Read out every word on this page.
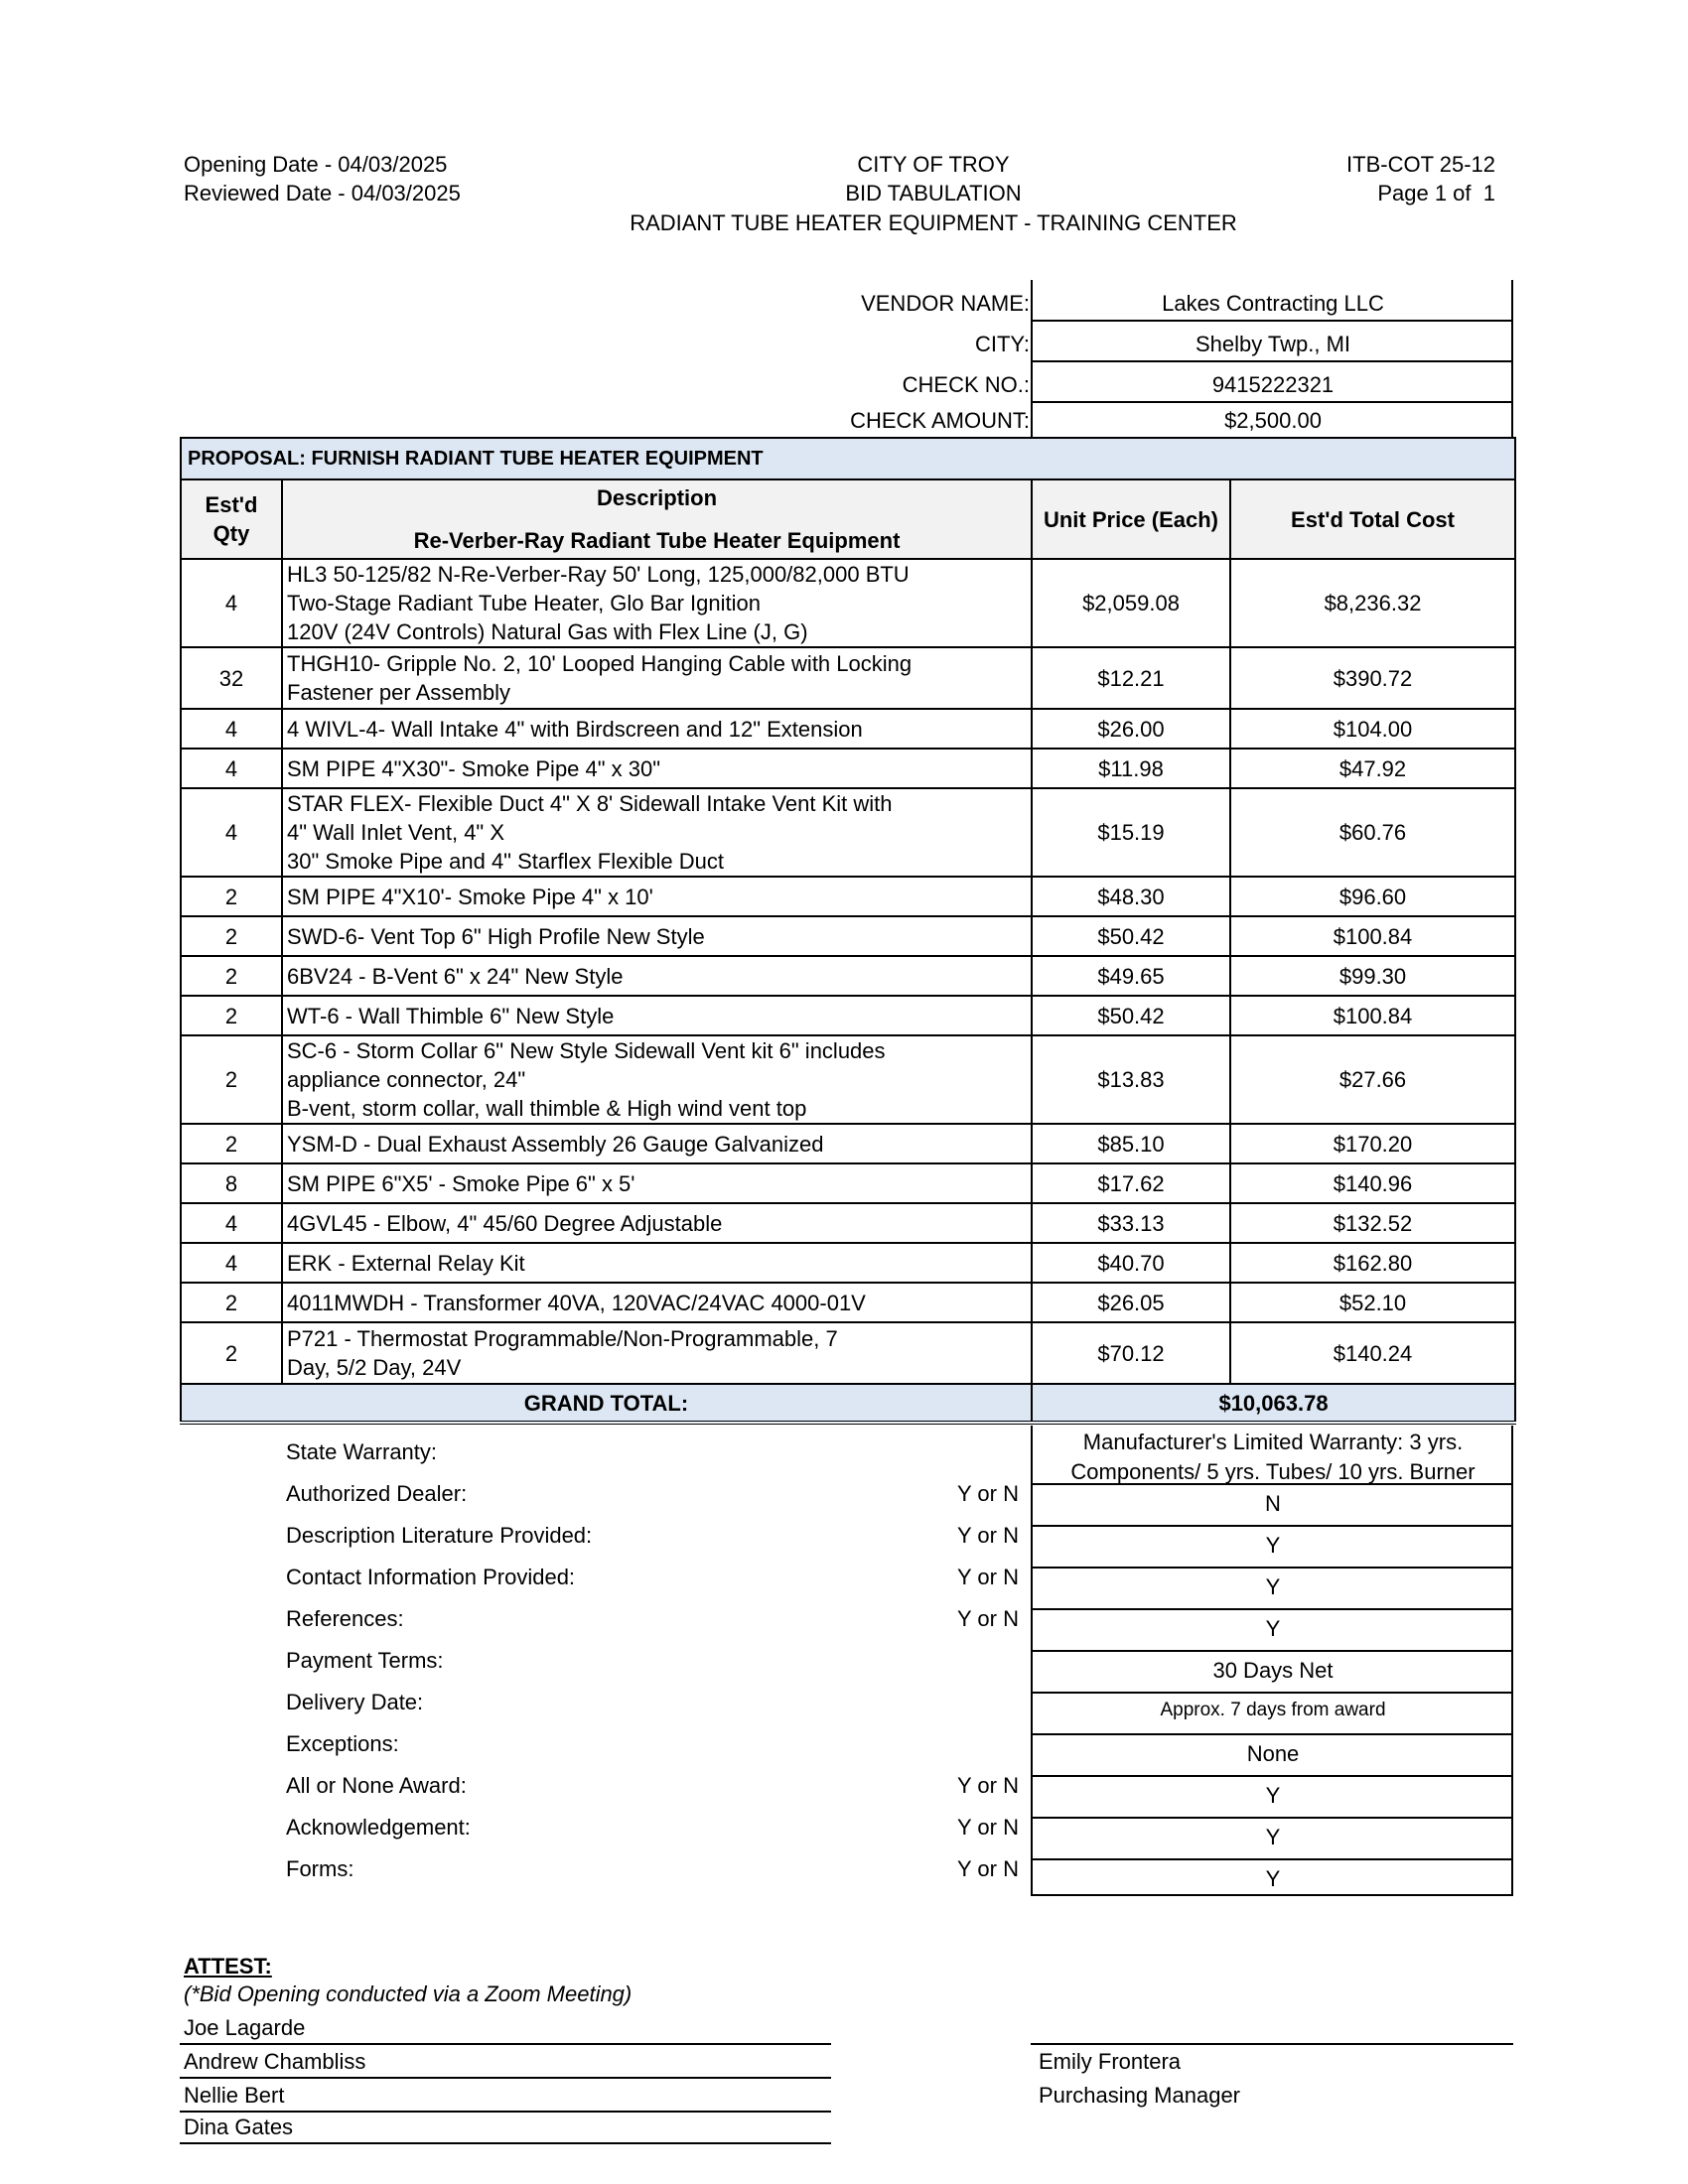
Opening Date - 04/03/2025
Reviewed Date - 04/03/2025
CITY OF TROY
BID TABULATION
RADIANT TUBE HEATER EQUIPMENT - TRAINING CENTER
ITB-COT 25-12
Page 1 of  1
VENDOR NAME:	Lakes Contracting LLC
CITY:	Shelby Twp., MI
CHECK NO.:	9415222321
CHECK AMOUNT:	$2,500.00
PROPOSAL: FURNISH RADIANT TUBE HEATER EQUIPMENT			
Est'd Qty	Description
Re-Verber-Ray Radiant Tube Heater Equipment	Unit Price (Each)	Est'd Total Cost
4	HL3 50-125/82 N-Re-Verber-Ray 50' Long, 125,000/82,000 BTU
Two-Stage Radiant Tube Heater, Glo Bar Ignition
120V (24V Controls) Natural Gas with Flex Line (J, G)	$2,059.08	$8,236.32
32	THGH10- Gripple No. 2, 10' Looped Hanging Cable with Locking
Fastener per Assembly	$12.21	$390.72
4	4 WIVL-4- Wall Intake 4" with Birdscreen and 12" Extension	$26.00	$104.00
4	SM PIPE 4"X30"- Smoke Pipe 4" x 30"	$11.98	$47.92
4	STAR FLEX- Flexible Duct 4" X 8' Sidewall Intake Vent Kit with
4" Wall Inlet Vent, 4" X
30" Smoke Pipe and 4" Starflex Flexible Duct	$15.19	$60.76
2	SM PIPE 4"X10'- Smoke Pipe 4" x 10'	$48.30	$96.60
2	SWD-6- Vent Top 6" High Profile New Style	$50.42	$100.84
2	6BV24 - B-Vent 6" x 24" New Style	$49.65	$99.30
2	WT-6 - Wall Thimble 6" New Style	$50.42	$100.84
2	SC-6 - Storm Collar 6" New Style Sidewall Vent kit 6" includes
appliance connector, 24"
B-vent, storm collar, wall thimble & High wind vent top	$13.83	$27.66
2	YSM-D - Dual Exhaust Assembly 26 Gauge Galvanized	$85.10	$170.20
8	SM PIPE 6"X5' - Smoke Pipe 6" x 5'	$17.62	$140.96
4	4GVL45 - Elbow, 4" 45/60 Degree Adjustable	$33.13	$132.52
4	ERK - External Relay Kit	$40.70	$162.80
2	4011MWDH - Transformer 40VA, 120VAC/24VAC 4000-01V	$26.05	$52.10
2	P721 - Thermostat Programmable/Non-Programmable, 7
Day, 5/2 Day, 24V	$70.12	$140.24
GRAND TOTAL:		$10,063.78	
State Warranty:	Manufacturer's Limited Warranty: 3 yrs.
Components/ 5 yrs. Tubes/ 10 yrs. Burner
Authorized Dealer:	Y or N	N
Description Literature Provided:	Y or N	Y
Contact Information Provided:	Y or N	Y
References:	Y or N	Y
Payment Terms:	30 Days Net
Delivery Date:	Approx. 7 days from award
Exceptions:	None
All or None Award:	Y or N	Y
Acknowledgement:	Y or N	Y
Forms:	Y or N	Y
ATTEST:
(*Bid Opening conducted via a Zoom Meeting)
Joe Lagarde
Andrew Chambliss
Nellie Bert
Dina Gates
Emily Frontera
Purchasing Manager
